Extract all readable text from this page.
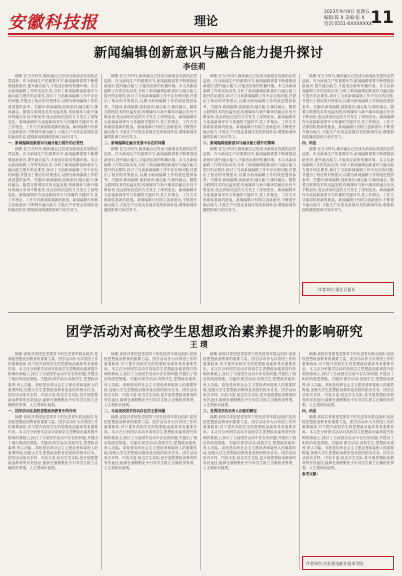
安徽科技报	理论
2023年9月8日 星期五
编辑:陈 X 美编:张 X
电话:0551-6XXXXXXX
11
新闻编辑创新意识与融合能力提升探讨
李佳莉

摘要:在当今时代,媒体融合已经成为新闻业发展的必然趋势。作为新闻生产的重要环节,新闻编辑需要不断增强创新意识,提升融合能力,才能适应新的传播环境。本文从新闻编辑工作的实际出发,分析了新闻编辑创新意识与融合能力提升的必要性,探讨了当前新闻编辑工作中存在的问题,并提出了相应的对策建议,以期为新闻编辑工作的改进提供参考。关键词:新闻编辑;创新意识;融合能力;媒体融合。随着互联网技术的迅猛发展,传统媒体与新兴媒体的融合步伐不断加快,受众获取信息的方式发生了深刻变化。新闻编辑作为连接新闻采写与传播的关键环节,其工作理念、工作方式都面临着新的挑战。新闻编辑只有树立创新意识,不断提升融合能力,才能生产出受众喜闻乐见的新闻作品,增强新闻传播的影响力和引导力。

一、新闻编辑创新意识与融合能力提升的必要性

摘要:在当今时代,媒体融合已经成为新闻业发展的必然趋势。作为新闻生产的重要环节,新闻编辑需要不断增强创新意识,提升融合能力,才能适应新的传播环境。本文从新闻编辑工作的实际出发,分析了新闻编辑创新意识与融合能力提升的必要性,探讨了当前新闻编辑工作中存在的问题,并提出了相应的对策建议,以期为新闻编辑工作的改进提供参考。关键词:新闻编辑;创新意识;融合能力;媒体融合。随着互联网技术的迅猛发展,传统媒体与新兴媒体的融合步伐不断加快,受众获取信息的方式发生了深刻变化。新闻编辑作为连接新闻采写与传播的关键环节,其工作理念、工作方式都面临着新的挑战。新闻编辑只有树立创新意识,不断提升融合能力,才能生产出受众喜闻乐见的新闻作品,增强新闻传播的影响力和引导力。

摘要:在当今时代,媒体融合已经成为新闻业发展的必然趋势。作为新闻生产的重要环节,新闻编辑需要不断增强创新意识,提升融合能力,才能适应新的传播环境。本文从新闻编辑工作的实际出发,分析了新闻编辑创新意识与融合能力提升的必要性,探讨了当前新闻编辑工作中存在的问题,并提出了相应的对策建议,以期为新闻编辑工作的改进提供参考。关键词:新闻编辑;创新意识;融合能力;媒体融合。随着互联网技术的迅猛发展,传统媒体与新兴媒体的融合步伐不断加快,受众获取信息的方式发生了深刻变化。新闻编辑作为连接新闻采写与传播的关键环节,其工作理念、工作方式都面临着新的挑战。新闻编辑只有树立创新意识,不断提升融合能力,才能生产出受众喜闻乐见的新闻作品,增强新闻传播的影响力和引导力。

二、新闻编辑在融合发展中存在的问题

摘要:在当今时代,媒体融合已经成为新闻业发展的必然趋势。作为新闻生产的重要环节,新闻编辑需要不断增强创新意识,提升融合能力,才能适应新的传播环境。本文从新闻编辑工作的实际出发,分析了新闻编辑创新意识与融合能力提升的必要性,探讨了当前新闻编辑工作中存在的问题,并提出了相应的对策建议,以期为新闻编辑工作的改进提供参考。关键词:新闻编辑;创新意识;融合能力;媒体融合。随着互联网技术的迅猛发展,传统媒体与新兴媒体的融合步伐不断加快,受众获取信息的方式发生了深刻变化。新闻编辑作为连接新闻采写与传播的关键环节,其工作理念、工作方式都面临着新的挑战。新闻编辑只有树立创新意识,不断提升融合能力,才能生产出受众喜闻乐见的新闻作品,增强新闻传播的影响力和引导力。

摘要:在当今时代,媒体融合已经成为新闻业发展的必然趋势。作为新闻生产的重要环节,新闻编辑需要不断增强创新意识,提升融合能力,才能适应新的传播环境。本文从新闻编辑工作的实际出发,分析了新闻编辑创新意识与融合能力提升的必要性,探讨了当前新闻编辑工作中存在的问题,并提出了相应的对策建议,以期为新闻编辑工作的改进提供参考。关键词:新闻编辑;创新意识;融合能力;媒体融合。随着互联网技术的迅猛发展,传统媒体与新兴媒体的融合步伐不断加快,受众获取信息的方式发生了深刻变化。新闻编辑作为连接新闻采写与传播的关键环节,其工作理念、工作方式都面临着新的挑战。新闻编辑只有树立创新意识,不断提升融合能力,才能生产出受众喜闻乐见的新闻作品,增强新闻传播的影响力和引导力。

三、新闻编辑创新意识与融合能力提升的策略

摘要:在当今时代,媒体融合已经成为新闻业发展的必然趋势。作为新闻生产的重要环节,新闻编辑需要不断增强创新意识,提升融合能力,才能适应新的传播环境。本文从新闻编辑工作的实际出发,分析了新闻编辑创新意识与融合能力提升的必要性,探讨了当前新闻编辑工作中存在的问题,并提出了相应的对策建议,以期为新闻编辑工作的改进提供参考。关键词:新闻编辑;创新意识;融合能力;媒体融合。随着互联网技术的迅猛发展,传统媒体与新兴媒体的融合步伐不断加快,受众获取信息的方式发生了深刻变化。新闻编辑作为连接新闻采写与传播的关键环节,其工作理念、工作方式都面临着新的挑战。新闻编辑只有树立创新意识,不断提升融合能力,才能生产出受众喜闻乐见的新闻作品,增强新闻传播的影响力和引导力。

摘要:在当今时代,媒体融合已经成为新闻业发展的必然趋势。作为新闻生产的重要环节,新闻编辑需要不断增强创新意识,提升融合能力,才能适应新的传播环境。本文从新闻编辑工作的实际出发,分析了新闻编辑创新意识与融合能力提升的必要性,探讨了当前新闻编辑工作中存在的问题,并提出了相应的对策建议,以期为新闻编辑工作的改进提供参考。关键词:新闻编辑;创新意识;融合能力;媒体融合。随着互联网技术的迅猛发展,传统媒体与新兴媒体的融合步伐不断加快,受众获取信息的方式发生了深刻变化。新闻编辑作为连接新闻采写与传播的关键环节,其工作理念、工作方式都面临着新的挑战。新闻编辑只有树立创新意识,不断提升融合能力,才能生产出受众喜闻乐见的新闻作品,增强新闻传播的影响力和引导力。

四、结语

摘要:在当今时代,媒体融合已经成为新闻业发展的必然趋势。作为新闻生产的重要环节,新闻编辑需要不断增强创新意识,提升融合能力,才能适应新的传播环境。本文从新闻编辑工作的实际出发,分析了新闻编辑创新意识与融合能力提升的必要性,探讨了当前新闻编辑工作中存在的问题,并提出了相应的对策建议,以期为新闻编辑工作的改进提供参考。关键词:新闻编辑;创新意识;融合能力;媒体融合。随着互联网技术的迅猛发展,传统媒体与新兴媒体的融合步伐不断加快,受众获取信息的方式发生了深刻变化。新闻编辑作为连接新闻采写与传播的关键环节,其工作理念、工作方式都面临着新的挑战。新闻编辑只有树立创新意识,不断提升融合能力,才能生产出受众喜闻乐见的新闻作品,增强新闻传播的影响力和引导力。

作者单位:淮北日报社
团学活动对高校学生思想政治素养提升的影响研究
王 璞

摘要:高校共青团是党领导下的先进青年群众组织,是高校思想政治教育的重要力量。团学活动作为共青团工作的重要载体,对于提升高校学生的思想政治素养具有重要作用。本文在分析团学活动对高校学生思想政治素养提升影响的基础上,探讨了当前团学活动中存在的问题,并提出了相应的改进措施。关键词:团学活动;高校学生;思想政治素养;育人功能。高校是培养社会主义建设者和接班人的重要阵地,加强大学生思想政治教育是高校的根本任务。团学活动形式多样、内容丰富,贴近学生实际,是开展思想政治教育的有效途径,能够在潜移默化中引导学生树立正确的世界观、人生观和价值观。

一、团学活动在高校思想政治教育中的作用

摘要:高校共青团是党领导下的先进青年群众组织,是高校思想政治教育的重要力量。团学活动作为共青团工作的重要载体,对于提升高校学生的思想政治素养具有重要作用。本文在分析团学活动对高校学生思想政治素养提升影响的基础上,探讨了当前团学活动中存在的问题,并提出了相应的改进措施。关键词:团学活动;高校学生;思想政治素养;育人功能。高校是培养社会主义建设者和接班人的重要阵地,加强大学生思想政治教育是高校的根本任务。团学活动形式多样、内容丰富,贴近学生实际,是开展思想政治教育的有效途径,能够在潜移默化中引导学生树立正确的世界观、人生观和价值观。

摘要:高校共青团是党领导下的先进青年群众组织,是高校思想政治教育的重要力量。团学活动作为共青团工作的重要载体,对于提升高校学生的思想政治素养具有重要作用。本文在分析团学活动对高校学生思想政治素养提升影响的基础上,探讨了当前团学活动中存在的问题,并提出了相应的改进措施。关键词:团学活动;高校学生;思想政治素养;育人功能。高校是培养社会主义建设者和接班人的重要阵地,加强大学生思想政治教育是高校的根本任务。团学活动形式多样、内容丰富,贴近学生实际,是开展思想政治教育的有效途径,能够在潜移默化中引导学生树立正确的世界观、人生观和价值观。

二、当前高校团学活动存在的主要问题

摘要:高校共青团是党领导下的先进青年群众组织,是高校思想政治教育的重要力量。团学活动作为共青团工作的重要载体,对于提升高校学生的思想政治素养具有重要作用。本文在分析团学活动对高校学生思想政治素养提升影响的基础上,探讨了当前团学活动中存在的问题,并提出了相应的改进措施。关键词:团学活动;高校学生;思想政治素养;育人功能。高校是培养社会主义建设者和接班人的重要阵地,加强大学生思想政治教育是高校的根本任务。团学活动形式多样、内容丰富,贴近学生实际,是开展思想政治教育的有效途径,能够在潜移默化中引导学生树立正确的世界观、人生观和价值观。

摘要:高校共青团是党领导下的先进青年群众组织,是高校思想政治教育的重要力量。团学活动作为共青团工作的重要载体,对于提升高校学生的思想政治素养具有重要作用。本文在分析团学活动对高校学生思想政治素养提升影响的基础上,探讨了当前团学活动中存在的问题,并提出了相应的改进措施。关键词:团学活动;高校学生;思想政治素养;育人功能。高校是培养社会主义建设者和接班人的重要阵地,加强大学生思想政治教育是高校的根本任务。团学活动形式多样、内容丰富,贴近学生实际,是开展思想政治教育的有效途径,能够在潜移默化中引导学生树立正确的世界观、人生观和价值观。

三、发挥团学活动育人功能的路径

摘要:高校共青团是党领导下的先进青年群众组织,是高校思想政治教育的重要力量。团学活动作为共青团工作的重要载体,对于提升高校学生的思想政治素养具有重要作用。本文在分析团学活动对高校学生思想政治素养提升影响的基础上,探讨了当前团学活动中存在的问题,并提出了相应的改进措施。关键词:团学活动;高校学生;思想政治素养;育人功能。高校是培养社会主义建设者和接班人的重要阵地,加强大学生思想政治教育是高校的根本任务。团学活动形式多样、内容丰富,贴近学生实际,是开展思想政治教育的有效途径,能够在潜移默化中引导学生树立正确的世界观、人生观和价值观。

摘要:高校共青团是党领导下的先进青年群众组织,是高校思想政治教育的重要力量。团学活动作为共青团工作的重要载体,对于提升高校学生的思想政治素养具有重要作用。本文在分析团学活动对高校学生思想政治素养提升影响的基础上,探讨了当前团学活动中存在的问题,并提出了相应的改进措施。关键词:团学活动;高校学生;思想政治素养;育人功能。高校是培养社会主义建设者和接班人的重要阵地,加强大学生思想政治教育是高校的根本任务。团学活动形式多样、内容丰富,贴近学生实际,是开展思想政治教育的有效途径,能够在潜移默化中引导学生树立正确的世界观、人生观和价值观。

四、结语

摘要:高校共青团是党领导下的先进青年群众组织,是高校思想政治教育的重要力量。团学活动作为共青团工作的重要载体,对于提升高校学生的思想政治素养具有重要作用。本文在分析团学活动对高校学生思想政治素养提升影响的基础上,探讨了当前团学活动中存在的问题,并提出了相应的改进措施。关键词:团学活动;高校学生;思想政治素养;育人功能。高校是培养社会主义建设者和接班人的重要阵地,加强大学生思想政治教育是高校的根本任务。团学活动形式多样、内容丰富,贴近学生实际,是开展思想政治教育的有效途径,能够在潜移默化中引导学生树立正确的世界观、人生观和价值观。

参考文献:

作者单位:河北机电职业技术学院
